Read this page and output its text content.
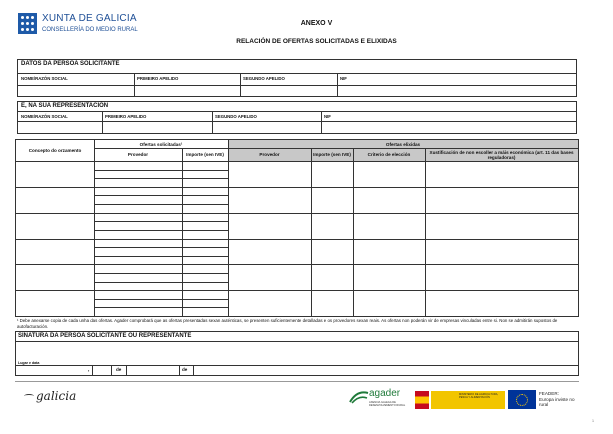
XUNTA DE GALICIA
CONSELLERÍA DO MEDIO RURAL
ANEXO V
RELACIÓN DE OFERTAS SOLICITADAS E ELIXIDAS
DATOS DA PERSOA SOLICITANTE
NOME/RAZÓN SOCIAL	PRIMEIRO APELIDO	SEGUNDO APELIDO	NIF
E, NA SÚA REPRESENTACIÓN
NOME/RAZÓN SOCIAL	PRIMEIRO APELIDO	SEGUNDO APELIDO	NIF
Concepto do orzamento
Ofertas solicitadas¹	Ofertas elixidas
Provedor	Importe (sen IVE)	Provedor	Importe (sen IVE)	Criterio de elección	Xustificación de non escoller a máis económica (art. 11 das bases reguladoras)
¹ Debe anexarse copia de cada unha das ofertas. Agader comprobará que as ofertas presentadas sexan auténticas, se presenten suficientemente detalladas e os provedores sexan reais. As ofertas non poderán vir de empresas vinculadas entre si. Non se admitirán supostos de autofacturación.
SINATURA DA PERSOA SOLICITANTE OU REPRESENTANTE
Lugar e data
,	de	de
galicia	agader
AXENCIA GALEGA DE DESENVOLVEMENTO RURAL
MINISTERIO DE AGRICULTURA, PESCA Y ALIMENTACIÓN
FEADER:
Europa inviste no rural
1
